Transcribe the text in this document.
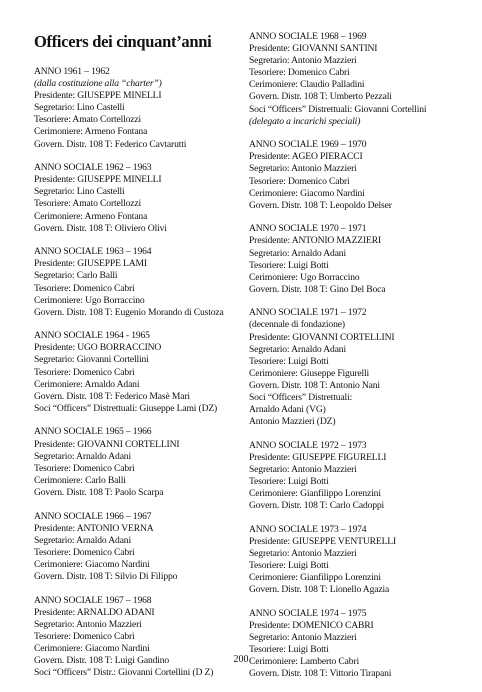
Officers dei cinquant’anni
ANNO 1961 – 1962
(dalla costituzione alla “charter”)
Presidente: GIUSEPPE MINELLI
Segretario: Lino Castelli
Tesoriere: Amato Cortellozzi
Cerimoniere: Armeno Fontana
Govern. Distr. 108 T: Federico Cavtarutti
ANNO SOCIALE 1962 – 1963
Presidente: GIUSEPPE MINELLI
Segretario: Lino Castelli
Tesoriere: Amato Cortellozzi
Cerimoniere: Armeno Fontana
Govern. Distr. 108 T: Oliviero Olivi
ANNO SOCIALE 1963 – 1964
Presidente: GIUSEPPE LAMI
Segretario: Carlo Balli
Tesoriere: Domenico Cabri
Cerimoniere: Ugo Borraccino
Govern. Distr. 108 T: Eugenio Morando di Custoza
ANNO SOCIALE 1964 - 1965
Presidente: UGO BORRACCINO
Segretario: Giovanni Cortellini
Tesoriere: Domenico Cabri
Cerimoniere: Arnaldo Adani
Govern. Distr. 108 T: Federico Masè Mari
Soci “Officers” Distrettuali: Giuseppe Lami (DZ)
ANNO SOCIALE 1965 – 1966
Presidente: GIOVANNI CORTELLINI
Segretario: Arnaldo Adani
Tesoriere: Domenico Cabri
Cerimoniere: Carlo Balli
Govern. Distr. 108 T: Paolo Scarpa
ANNO SOCIALE 1966 – 1967
Presidente: ANTONIO VERNA
Segretario: Arnaldo Adani
Tesoriere: Domenico Cabri
Cerimoniere: Giacomo Nardini
Govern. Distr. 108 T: Silvio Di Filippo
ANNO SOCIALE 1967 – 1968
Presidente: ARNALDO ADANI
Segretario: Antonio Mazzieri
Tesoriere: Domenico Cabri
Cerimoniere: Giacomo Nardini
Govern. Distr. 108 T: Luigi Gandino
Soci “Officers” Distr.: Giovanni Cortellini (D Z)
ANNO SOCIALE 1968 – 1969
Presidente: GIOVANNI SANTINI
Segretario: Antonio Mazzieri
Tesoriere: Domenico Cabri
Cerimoniere: Claudio Palladini
Govern. Distr. 108 T: Umberto Pezzali
Soci “Officers” Distrettuali: Giovanni Cortellini
(delegato a incarichi speciali)
ANNO SOCIALE 1969 – 1970
Presidente: AGEO PIERACCI
Segretario: Antonio Mazzieri
Tesoriere: Domenico Cabri
Cerimoniere: Giacomo Nardini
Govern. Distr. 108 T: Leopoldo Delser
ANNO SOCIALE 1970 – 1971
Presidente: ANTONIO MAZZIERI
Segretario: Arnaldo Adani
Tesoriere: Luigi Botti
Cerimoniere: Ugo Borraccino
Govern. Distr. 108 T: Gino Del Boca
ANNO SOCIALE 1971 – 1972
(decennale di fondazione)
Presidente: GIOVANNI CORTELLINI
Segretario: Arnaldo Adani
Tesoriere: Luigi Botti
Cerimoniere: Giuseppe Figurelli
Govern. Distr. 108 T: Antonio Nani
Soci “Officers” Distrettuali:
Arnaldo Adani (VG)
Antonio Mazzieri (DZ)
ANNO SOCIALE 1972 – 1973
Presidente: GIUSEPPE FIGURELLI
Segretario: Antonio Mazzieri
Tesoriere: Luigi Botti
Cerimoniere: Gianfilippo Lorenzini
Govern. Distr. 108 T: Carlo Cadoppi
ANNO SOCIALE 1973 – 1974
Presidente: GIUSEPPE VENTURELLI
Segretario: Antonio Mazzieri
Tesoriere: Luigi Botti
Cerimoniere: Gianfilippo Lorenzini
Govern. Distr. 108 T: Lionello Agazia
ANNO SOCIALE 1974 – 1975
Presidente: DOMENICO CABRI
Segretario: Antonio Mazzieri
Tesoriere: Luigi Botti
Cerimoniere: Lamberto Cabri
Govern. Distr. 108 T: Vittorio Tirapani
200
